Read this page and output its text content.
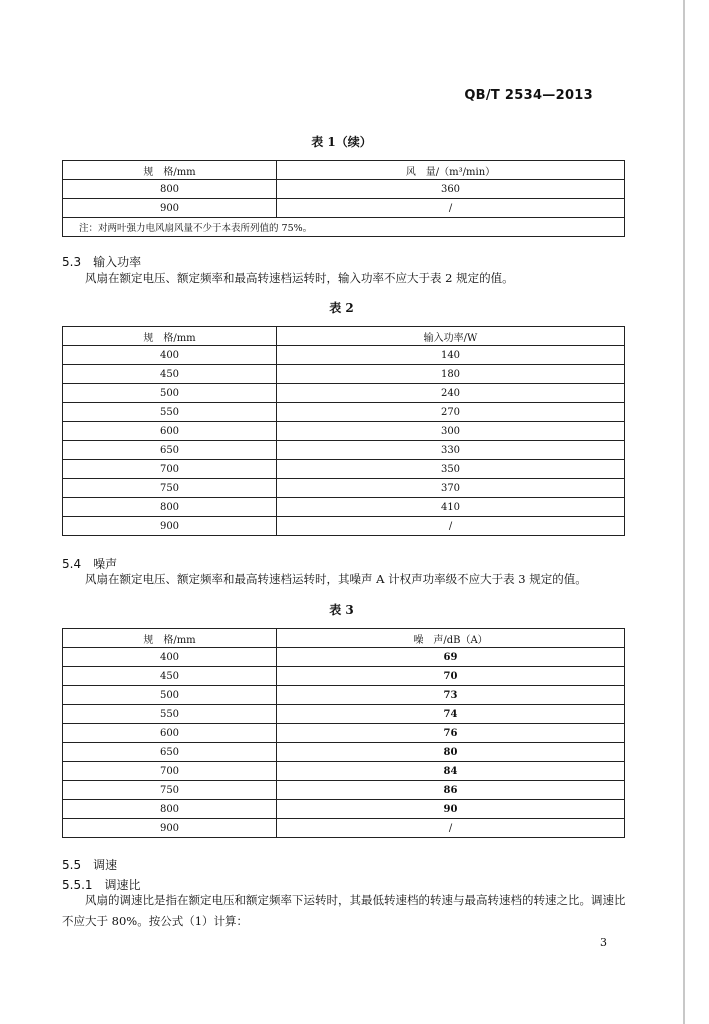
QB/T 2534—2013
表 1（续）
规　格/mm	风　量/（m³/min）
800	360
900	/
注：对两叶强力电风扇风量不少于本表所列值的 75%。	
5.3　输入功率
风扇在额定电压、额定频率和最高转速档运转时，输入功率不应大于表 2 规定的值。
表 2
规　格/mm	输入功率/W
400	140
450	180
500	240
550	270
600	300
650	330
700	350
750	370
800	410
900	/
5.4　噪声
风扇在额定电压、额定频率和最高转速档运转时，其噪声 A 计权声功率级不应大于表 3 规定的值。
表 3
规　格/mm	噪　声/dB（A）
400	69
450	70
500	73
550	74
600	76
650	80
700	84
750	86
800	90
900	/
5.5　调速
5.5.1　调速比
风扇的调速比是指在额定电压和额定频率下运转时，其最低转速档的转速与最高转速档的转速之比。调速比不应大于 80%。按公式（1）计算：
3
